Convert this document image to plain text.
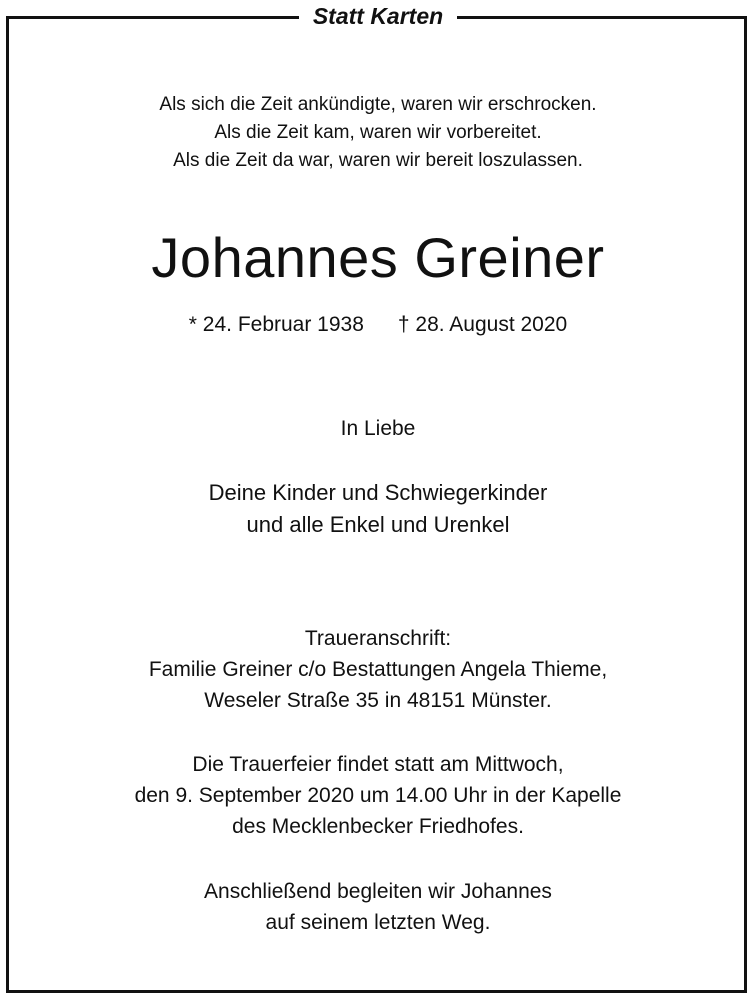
Statt Karten
Als sich die Zeit ankündigte, waren wir erschrocken.
Als die Zeit kam, waren wir vorbereitet.
Als die Zeit da war, waren wir bereit loszulassen.
Johannes Greiner
* 24. Februar 1938 † 28. August 2020
In Liebe
Deine Kinder und Schwiegerkinder
und alle Enkel und Urenkel
Traueranschrift:
Familie Greiner c/o Bestattungen Angela Thieme,
Weseler Straße 35 in 48151 Münster.
Die Trauerfeier findet statt am Mittwoch,
den 9. September 2020 um 14.00 Uhr in der Kapelle
des Mecklenbecker Friedhofes.
Anschließend begleiten wir Johannes
auf seinem letzten Weg.
